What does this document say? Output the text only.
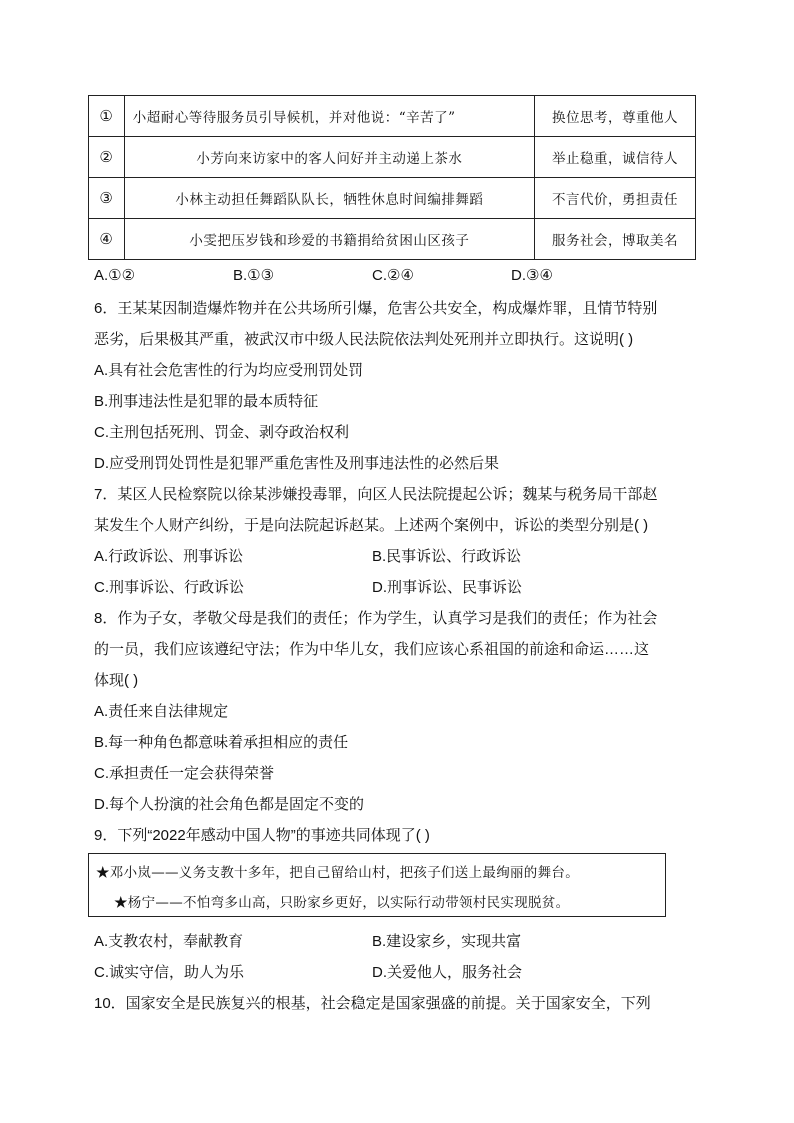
①	小超耐心等待服务员引导候机，并对他说：“辛苦了”	换位思考，尊重他人
②	小芳向来访家中的客人问好并主动递上茶水	举止稳重，诚信待人
③	小林主动担任舞蹈队队长，牺牲休息时间编排舞蹈	不言代价，勇担责任
④	小雯把压岁钱和珍爱的书籍捐给贫困山区孩子	服务社会，博取美名
A.①②	B.①③	C.②④	D.③④
6．王某某因制造爆炸物并在公共场所引爆，危害公共安全，构成爆炸罪，且情节特别
恶劣，后果极其严重，被武汉市中级人民法院依法判处死刑并立即执行。这说明( )
A.具有社会危害性的行为均应受刑罚处罚
B.刑事违法性是犯罪的最本质特征
C.主刑包括死刑、罚金、剥夺政治权利
D.应受刑罚处罚性是犯罪严重危害性及刑事违法性的必然后果
7．某区人民检察院以徐某涉嫌投毒罪，向区人民法院提起公诉；魏某与税务局干部赵
某发生个人财产纠纷，于是向法院起诉赵某。上述两个案例中，诉讼的类型分别是( )
A.行政诉讼、刑事诉讼	B.民事诉讼、行政诉讼
C.刑事诉讼、行政诉讼	D.刑事诉讼、民事诉讼
8．作为子女，孝敬父母是我们的责任；作为学生，认真学习是我们的责任；作为社会
的一员，我们应该遵纪守法；作为中华儿女，我们应该心系祖国的前途和命运……这
体现( )
A.责任来自法律规定
B.每一种角色都意味着承担相应的责任
C.承担责任一定会获得荣誉
D.每个人扮演的社会角色都是固定不变的
9．下列“2022年感动中国人物”的事迹共同体现了( )
★邓小岚——义务支教十多年，把自己留给山村，把孩子们送上最绚丽的舞台。
★杨宁——不怕弯多山高，只盼家乡更好，以实际行动带领村民实现脱贫。
A.支教农村，奉献教育	B.建设家乡，实现共富
C.诚实守信，助人为乐	D.关爱他人，服务社会
10．国家安全是民族复兴的根基，社会稳定是国家强盛的前提。关于国家安全，下列
